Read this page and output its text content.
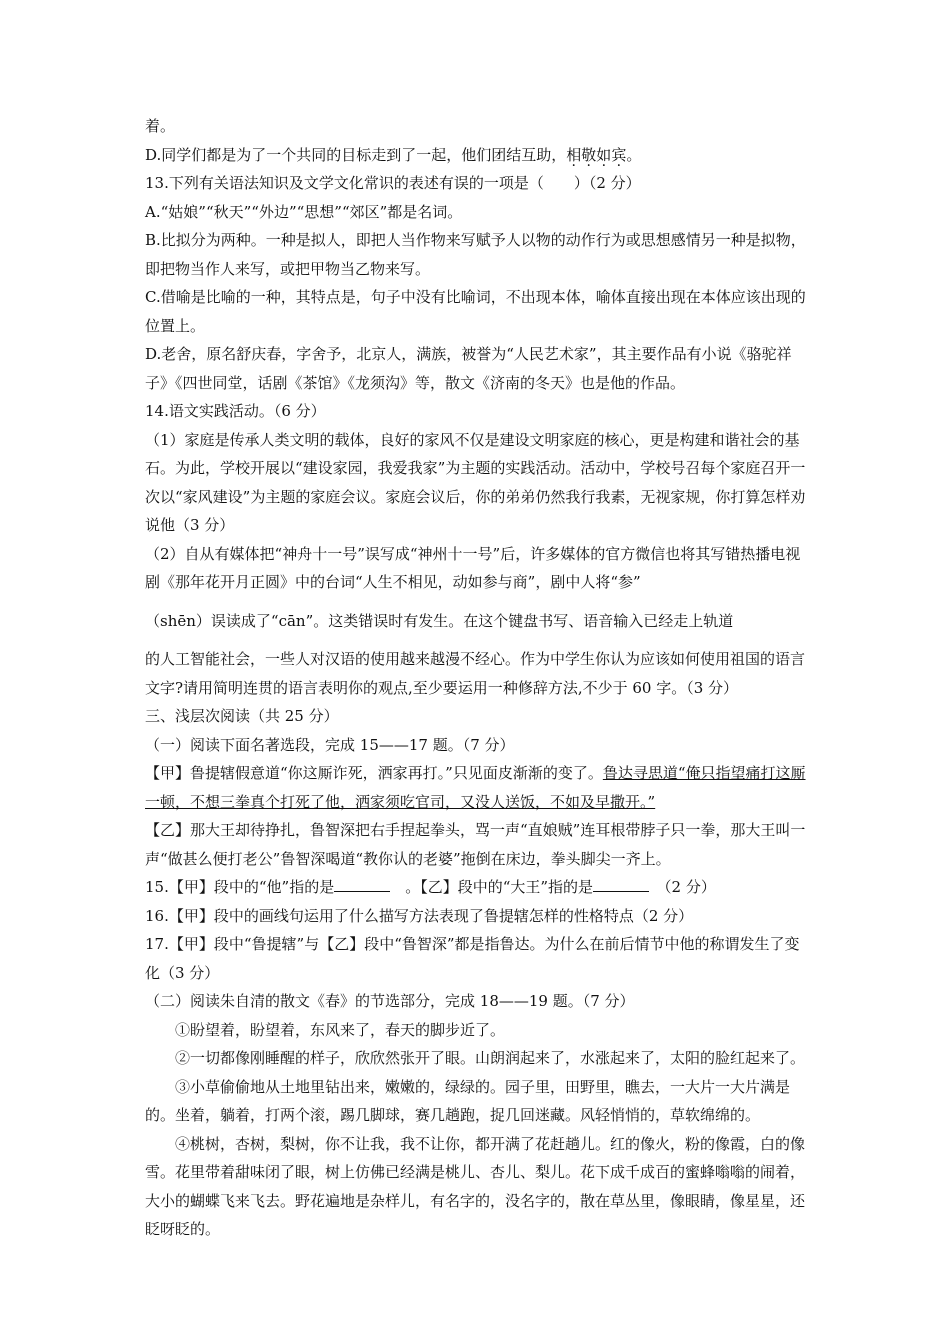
着。

D.同学们都是为了一个共同的目标走到了一起，他们团结互助，相敬如宾。

13.下列有关语法知识及文学文化常识的表述有误的一项是（　　）（2 分）

A.“姑娘”“秋天”“外边”“思想”“郊区”都是名词。

B.比拟分为两种。一种是拟人，即把人当作物来写赋予人以物的动作行为或思想感情另一种是拟物，即把物当作人来写，或把甲物当乙物来写。

C.借喻是比喻的一种，其特点是，句子中没有比喻词，不出现本体，喻体直接出现在本体应该出现的位置上。

D.老舍，原名舒庆春，字舍予，北京人，满族，被誉为“人民艺术家”，其主要作品有小说《骆驼祥子》《四世同堂，话剧《茶馆》《龙须沟》等，散文《济南的冬天》也是他的作品。

14.语文实践活动。（6 分）

（1）家庭是传承人类文明的载体，良好的家风不仅是建设文明家庭的核心，更是构建和谐社会的基石。为此，学校开展以“建设家园，我爱我家”为主题的实践活动。活动中，学校号召每个家庭召开一次以“家风建设”为主题的家庭会议。家庭会议后，你的弟弟仍然我行我素，无视家规，你打算怎样劝说他（3 分）

（2）自从有媒体把“神舟十一号”误写成“神州十一号”后，许多媒体的官方微信也将其写错热播电视剧《那年花开月正圆》中的台词“人生不相见，动如参与商”，剧中人将“参”

（shēn）误读成了“cān”。这类错误时有发生。在这个键盘书写、语音输入已经走上轨道

的人工智能社会，一些人对汉语的使用越来越漫不经心。作为中学生你认为应该如何使用祖国的语言文字?请用简明连贯的语言表明你的观点,至少要运用一种修辞方法,不少于 60 字。（3 分）

三、浅层次阅读（共 25 分）

（一）阅读下面名著选段，完成 15——17 题。（7 分）

【甲】鲁提辖假意道“你这厮诈死，洒家再打。”只见面皮渐渐的变了。鲁达寻思道“俺只指望痛打这厮一顿，不想三拳真个打死了他，洒家须吃官司，又没人送饭，不如及早撒开。”

【乙】那大王却待挣扎，鲁智深把右手捏起拳头，骂一声“直娘贼”连耳根带脖子只一拳，那大王叫一声“做甚么便打老公”鲁智深喝道“教你认的老婆”拖倒在床边，拳头脚尖一齐上。

15.【甲】段中的“他”指的是	　。【乙】段中的“大王”指的是	　（2 分）

16.【甲】段中的画线句运用了什么描写方法表现了鲁提辖怎样的性格特点（2 分）

17.【甲】段中“鲁提辖”与【乙】段中“鲁智深”都是指鲁达。为什么在前后情节中他的称谓发生了变化（3 分）

（二）阅读朱自清的散文《春》的节选部分，完成 18——19 题。（7 分）

①盼望着，盼望着，东风来了，春天的脚步近了。

②一切都像刚睡醒的样子，欣欣然张开了眼。山朗润起来了，水涨起来了，太阳的脸红起来了。

③小草偷偷地从土地里钻出来，嫩嫩的，绿绿的。园子里，田野里，瞧去，一大片一大片满是的。坐着，躺着，打两个滚，踢几脚球，赛几趟跑，捉几回迷藏。风轻悄悄的，草软绵绵的。

④桃树，杏树，梨树，你不让我，我不让你，都开满了花赶趟儿。红的像火，粉的像霞，白的像雪。花里带着甜味闭了眼，树上仿佛已经满是桃儿、杏儿、梨儿。花下成千成百的蜜蜂嗡嗡的闹着，大小的蝴蝶飞来飞去。野花遍地是杂样儿，有名字的，没名字的，散在草丛里，像眼睛，像星星，还眨呀眨的。
